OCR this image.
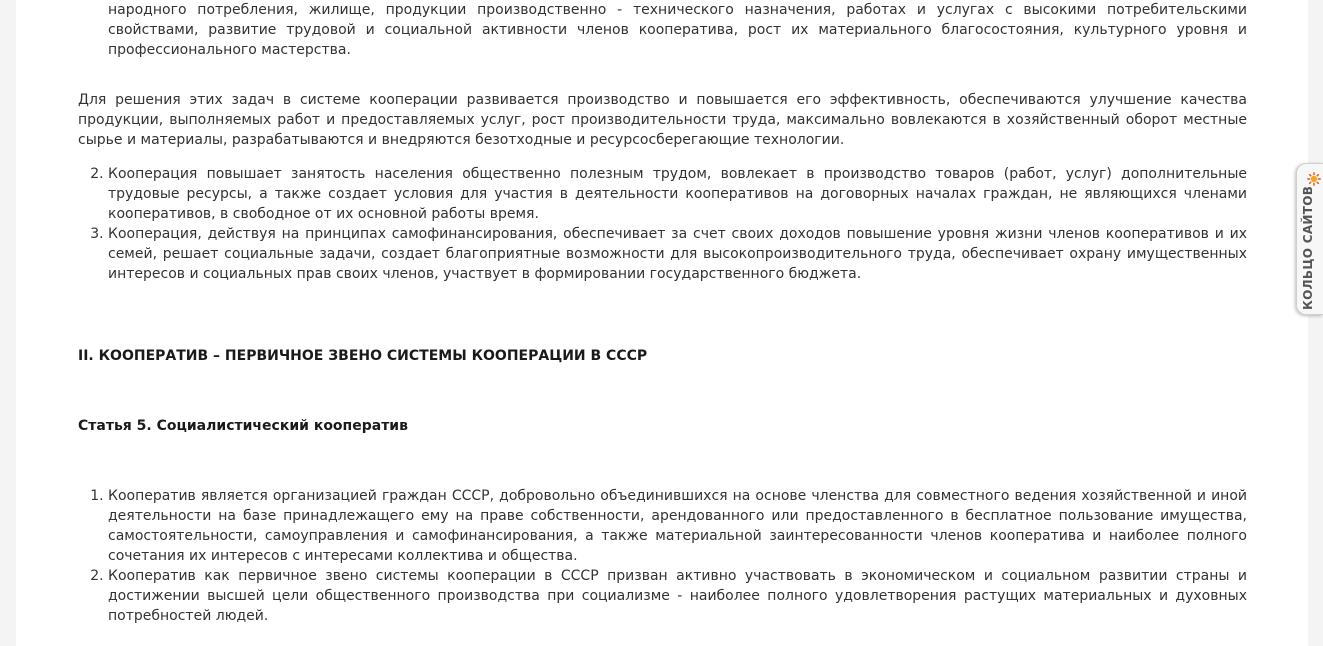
1. народного потребления, жилище, продукции производственно - технического назначения, работах и услугах с высокими потребительскими свойствами, развитие трудовой и социальной активности членов кооператива, рост их материального благосостояния, культурного уровня и профессионального мастерства.

Для решения этих задач в системе кооперации развивается производство и повышается его эффективность, обеспечиваются улучшение качества продукции, выполняемых работ и предоставляемых услуг, рост производительности труда, максимально вовлекаются в хозяйственный оборот местные сырье и материалы, разрабатываются и внедряются безотходные и ресурсосберегающие технологии.

2. Кооперация повышает занятость населения общественно полезным трудом, вовлекает в производство товаров (работ, услуг) дополнительные трудовые ресурсы, а также создает условия для участия в деятельности кооперативов на договорных началах граждан, не являющихся членами кооперативов, в свободное от их основной работы время.
3. Кооперация, действуя на принципах самофинансирования, обеспечивает за счет своих доходов повышение уровня жизни членов кооперативов и их семей, решает социальные задачи, создает благоприятные возможности для высокопроизводительного труда, обеспечивает охрану имущественных интересов и социальных прав своих членов, участвует в формировании государственного бюджета.

II. КООПЕРАТИВ – ПЕРВИЧНОЕ ЗВЕНО СИСТЕМЫ КООПЕРАЦИИ В СССР

Статья 5. Социалистический кооператив

1. Кооператив является организацией граждан СССР, добровольно объединившихся на основе членства для совместного ведения хозяйственной и иной деятельности на базе принадлежащего ему на праве собственности, арендованного или предоставленного в бесплатное пользование имущества, самостоятельности, самоуправления и самофинансирования, а также материальной заинтересованности членов кооператива и наиболее полного сочетания их интересов с интересами коллектива и общества.
2. Кооператив как первичное звено системы кооперации в СССР призван активно участвовать в экономическом и социальном развитии страны и достижении высшей цели общественного производства при социализме - наиболее полного удовлетворения растущих материальных и духовных потребностей людей.
КОЛЬЦО САЙТОВ
